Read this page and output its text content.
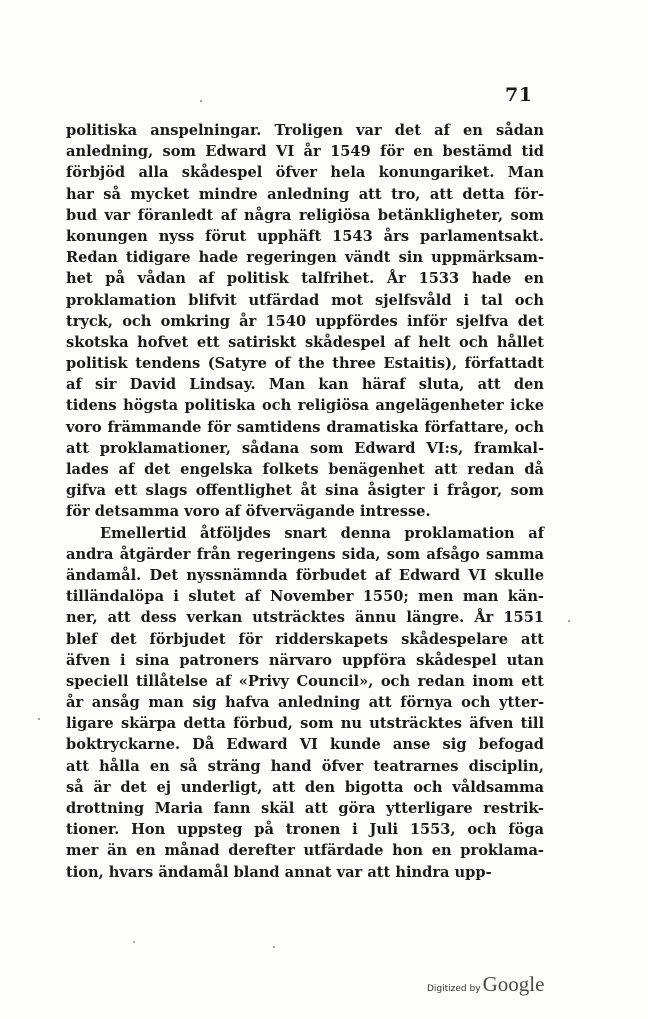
71
politiska anspelningar. Troligen var det af en sådan
anledning, som Edward VI år 1549 för en bestämd tid
förbjöd alla skådespel öfver hela konungariket. Man
har så mycket mindre anledning att tro, att detta för-
bud var föranledt af några religiösa betänkligheter, som
konungen nyss förut upphäft 1543 års parlamentsakt.
Redan tidigare hade regeringen vändt sin uppmärksam-
het på vådan af politisk talfrihet. År 1533 hade en
proklamation blifvit utfärdad mot sjelfsvåld i tal och
tryck, och omkring år 1540 uppfördes inför sjelfva det
skotska hofvet ett satiriskt skådespel af helt och hållet
politisk tendens (Satyre of the three Estaitis), författadt
af sir David Lindsay. Man kan häraf sluta, att den
tidens högsta politiska och religiösa angelägenheter icke
voro främmande för samtidens dramatiska författare, och
att proklamationer, sådana som Edward VI:s, framkal-
lades af det engelska folkets benägenhet att redan då
gifva ett slags offentlighet åt sina åsigter i frågor, som
för detsamma voro af öfvervägande intresse.
Emellertid åtföljdes snart denna proklamation af
andra åtgärder från regeringens sida, som afsågo samma
ändamål. Det nyssnämnda förbudet af Edward VI skulle
tilländalöpa i slutet af November 1550; men man kän-
ner, att dess verkan utsträcktes ännu längre. År 1551
blef det förbjudet för ridderskapets skådespelare att
äfven i sina patroners närvaro uppföra skådespel utan
speciell tillåtelse af «Privy Council», och redan inom ett
år ansåg man sig hafva anledning att förnya och ytter-
ligare skärpa detta förbud, som nu utsträcktes äfven till
boktryckarne. Då Edward VI kunde anse sig befogad
att hålla en så sträng hand öfver teatrarnes disciplin,
så är det ej underligt, att den bigotta och våldsamma
drottning Maria fann skäl att göra ytterligare restrik-
tioner. Hon uppsteg på tronen i Juli 1553, och föga
mer än en månad derefter utfärdade hon en proklama-
tion, hvars ändamål bland annat var att hindra upp-
Digitized by Google
